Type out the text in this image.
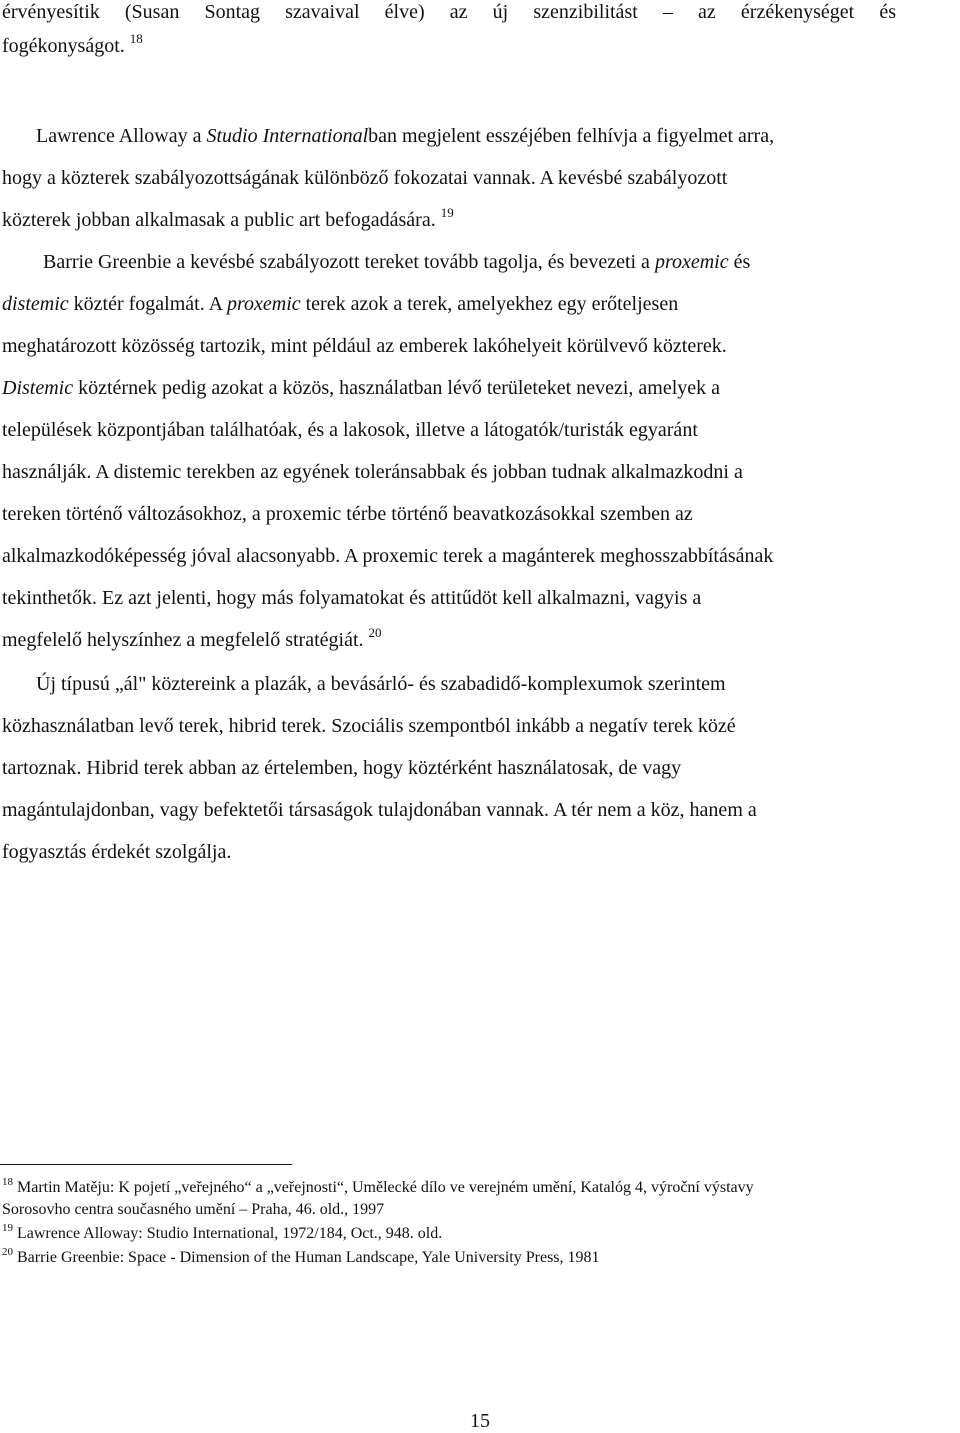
érvényesítik (Susan Sontag szavaival élve) az új szenzibilitást – az érzékenységet és
fogékonyságot. $^{18}$
Lawrence Alloway a Studio Internationalban megjelent esszéjében felhívja a figyelmet arra,
hogy a közterek szabályozottságának különböző fokozatai vannak. A kevésbé szabályozott
közterek jobban alkalmasak a public art befogadására. $^{19}$
Barrie Greenbie a kevésbé szabályozott tereket tovább tagolja, és bevezeti a proxemic és
distemic köztér fogalmát. A proxemic terek azok a terek, amelyekhez egy erőteljesen
meghatározott közösség tartozik, mint például az emberek lakóhelyeit körülvevő közterek.
Distemic köztérnek pedig azokat a közös, használatban lévő területeket nevezi, amelyek a
települések központjában találhatóak, és a lakosok, illetve a látogatók/turisták egyaránt
használják. A distemic terekben az egyének toleránsabbak és jobban tudnak alkalmazkodni a
tereken történő változásokhoz, a proxemic térbe történő beavatkozásokkal szemben az
alkalmazkodóképesség jóval alacsonyabb. A proxemic terek a magánterek meghosszabbításának
tekinthetők. Ez azt jelenti, hogy más folyamatokat és attitűdöt kell alkalmazni, vagyis a
megfelelő helyszínhez a megfelelő stratégiát. $^{20}$
Új típusú „ál" köztereink a plazák, a bevásárló- és szabadidő-komplexumok szerintem
közhasználatban levő terek, hibrid terek. Szociális szempontból inkább a negatív terek közé
tartoznak. Hibrid terek abban az értelemben, hogy köztérként használatosak, de vagy
magántulajdonban, vagy befektetői társaságok tulajdonában vannak. A tér nem a köz, hanem a
fogyasztás érdekét szolgálja.
$^{18}$ Martin Matěju: K pojetí „veřejného“ a „veřejnosti“, Umělecké dílo ve verejném umění, Katalóg 4, výroční výstavy
Sorosovho centra současného umění – Praha, 46. old., 1997
$^{19}$ Lawrence Alloway: Studio International, 1972/184, Oct., 948. old.
$^{20}$ Barrie Greenbie: Space - Dimension of the Human Landscape, Yale University Press, 1981
15
